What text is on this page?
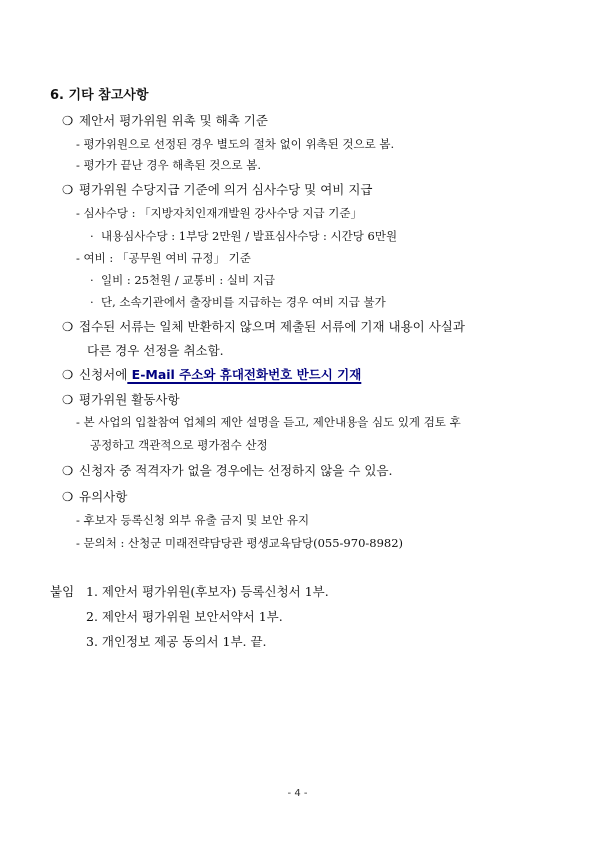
6. 기타 참고사항
❍ 제안서 평가위원 위촉 및 해촉 기준
- 평가위원으로 선정된 경우 별도의 절차 없이 위촉된 것으로 봄.
- 평가가 끝난 경우 해촉된 것으로 봄.
❍ 평가위원 수당지급 기준에 의거 심사수당 및 여비 지급
- 심사수당 : 「지방자치인재개발원 강사수당 지급 기준」
· 내용심사수당 : 1부당 2만원 / 발표심사수당 : 시간당 6만원
- 여비 : 「공무원 여비 규정」 기준
· 일비 : 25천원 / 교통비 : 실비 지급
· 단, 소속기관에서 출장비를 지급하는 경우 여비 지급 불가
❍ 접수된 서류는 일체 반환하지 않으며 제출된 서류에 기재 내용이 사실과
다른 경우 선정을 취소함.
❍ 신청서에 E-Mail 주소와 휴대전화번호 반드시 기재
❍ 평가위원 활동사항
- 본 사업의 입찰참여 업체의 제안 설명을 듣고, 제안내용을 심도 있게 검토 후
공정하고 객관적으로 평가점수 산정
❍ 신청자 중 적격자가 없을 경우에는 선정하지 않을 수 있음.
❍ 유의사항
- 후보자 등록신청 외부 유출 금지 및 보안 유지
- 문의처 : 산청군 미래전략담당관 평생교육담당(055-970-8982)
붙임 1. 제안서 평가위원(후보자) 등록신청서 1부.
2. 제안서 평가위원 보안서약서 1부.
3. 개인정보 제공 동의서 1부. 끝.
- 4 -
